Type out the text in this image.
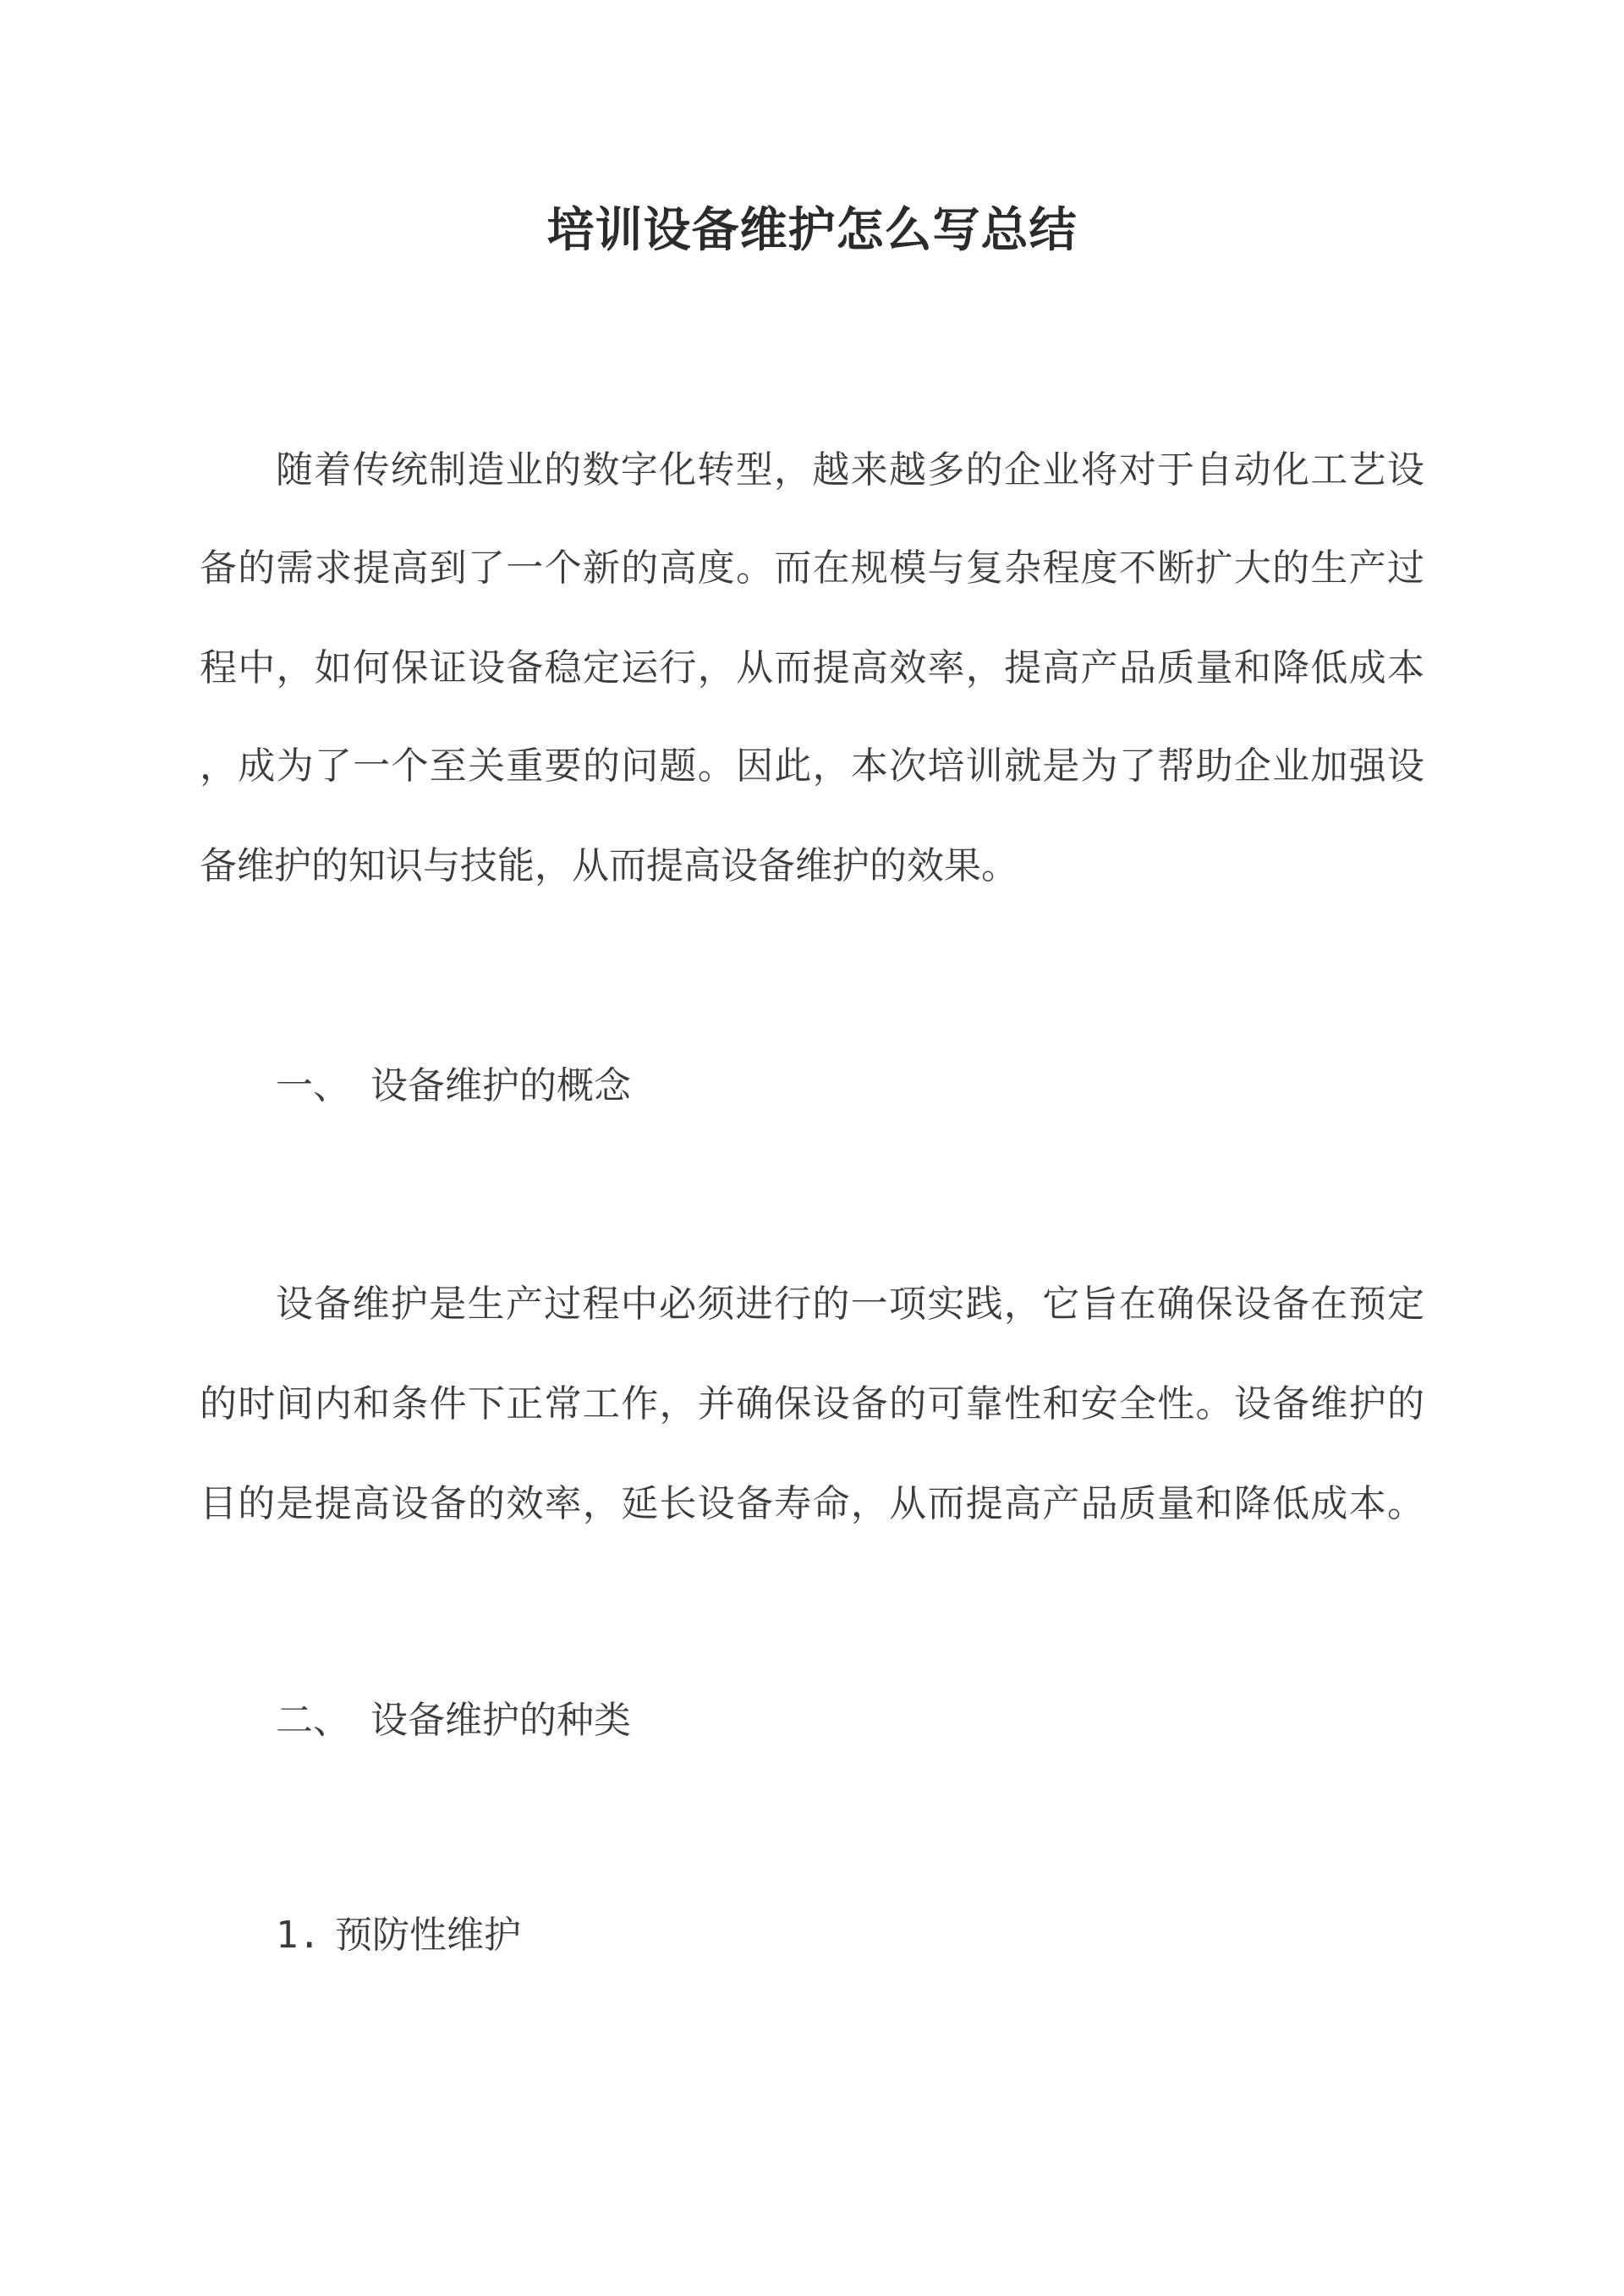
培训设备维护怎么写总结
随着传统制造业的数字化转型，越来越多的企业将对于自动化工艺设
备的需求提高到了一个新的高度。而在规模与复杂程度不断扩大的生产过
程中，如何保证设备稳定运行，从而提高效率，提高产品质量和降低成本
，成为了一个至关重要的问题。因此，本次培训就是为了帮助企业加强设
备维护的知识与技能，从而提高设备维护的效果。
一、 设备维护的概念
设备维护是生产过程中必须进行的一项实践，它旨在确保设备在预定
的时间内和条件下正常工作，并确保设备的可靠性和安全性。设备维护的
目的是提高设备的效率，延长设备寿命，从而提高产品质量和降低成本。
二、 设备维护的种类
1. 预防性维护
